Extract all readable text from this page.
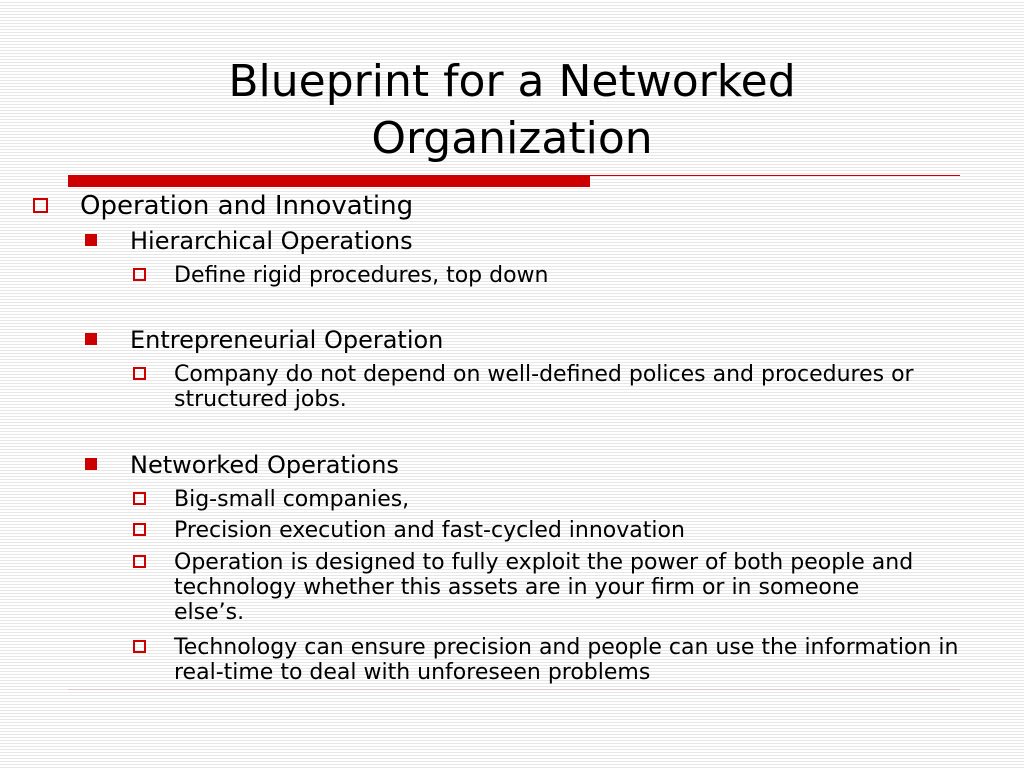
Blueprint for a Networked
Organization
Operation and Innovating
Hierarchical Operations
Define rigid procedures, top down
Entrepreneurial Operation
Company do not depend on well-defined polices and procedures or structured jobs.
Networked Operations
Big-small companies,
Precision execution and fast-cycled innovation
Operation is designed to fully exploit the power of both people and technology whether this assets are in your firm or in someone else’s.
Technology can ensure precision and people can use the information in real-time to deal with unforeseen problems
